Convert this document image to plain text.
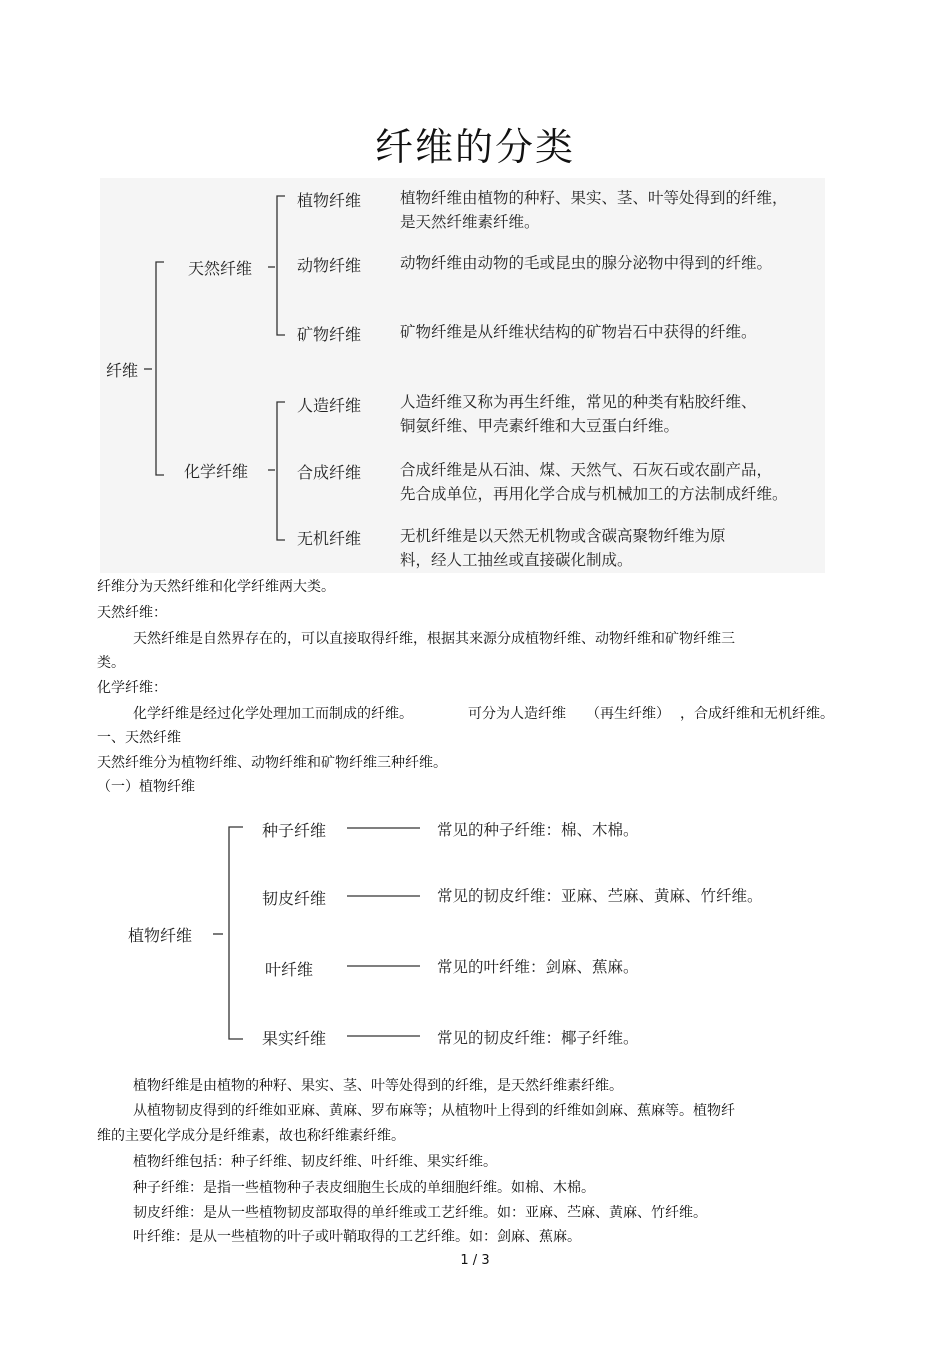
纤维的分类
纤维
天然纤维
化学纤维
植物纤维	植物纤维由植物的种籽、果实、茎、叶等处得到的纤维，
是天然纤维素纤维。
动物纤维	动物纤维由动物的毛或昆虫的腺分泌物中得到的纤维。
矿物纤维	矿物纤维是从纤维状结构的矿物岩石中获得的纤维。
人造纤维	人造纤维又称为再生纤维，常见的种类有粘胶纤维、
铜氨纤维、甲壳素纤维和大豆蛋白纤维。
合成纤维	合成纤维是从石油、煤、天然气、石灰石或农副产品，
先合成单位，再用化学合成与机械加工的方法制成纤维。
无机纤维	无机纤维是以天然无机物或含碳高聚物纤维为原
料，经人工抽丝或直接碳化制成。
纤维分为天然纤维和化学纤维两大类。
天然纤维：
天然纤维是自然界存在的，可以直接取得纤维，根据其来源分成植物纤维、动物纤维和矿物纤维三
类。
化学纤维：
化学纤维是经过化学处理加工而制成的纤维。	可分为人造纤维 （再生纤维） ，合成纤维和无机纤维。
一、天然纤维
天然纤维分为植物纤维、动物纤维和矿物纤维三种纤维。
（一）植物纤维
植物纤维
种子纤维	常见的种子纤维：棉、木棉。
韧皮纤维	常见的韧皮纤维：亚麻、苎麻、黄麻、竹纤维。
叶纤维	常见的叶纤维：剑麻、蕉麻。
果实纤维	常见的韧皮纤维：椰子纤维。
植物纤维是由植物的种籽、果实、茎、叶等处得到的纤维，是天然纤维素纤维。
从植物韧皮得到的纤维如亚麻、黄麻、罗布麻等；从植物叶上得到的纤维如剑麻、蕉麻等。植物纤
维的主要化学成分是纤维素，故也称纤维素纤维。
植物纤维包括：种子纤维、韧皮纤维、叶纤维、果实纤维。
种子纤维：是指一些植物种子表皮细胞生长成的单细胞纤维。如棉、木棉。
韧皮纤维：是从一些植物韧皮部取得的单纤维或工艺纤维。如：亚麻、苎麻、黄麻、竹纤维。
叶纤维：是从一些植物的叶子或叶鞘取得的工艺纤维。如：剑麻、蕉麻。
1 / 3
